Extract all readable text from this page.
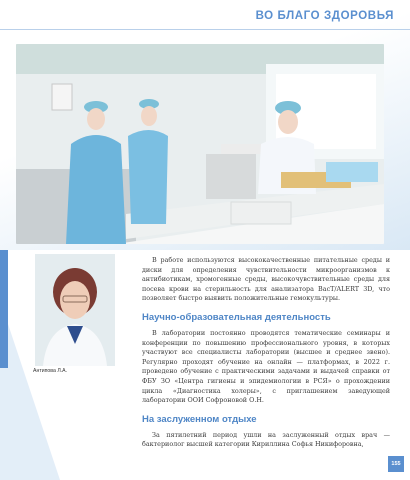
ВО БЛАГО ЗДОРОВЬЯ
Антипова Л.А.

В работе используются высококачественные питательные среды и диски для определения чувствительности микроорганизмов к антибиотикам, хромогенные среды, высокочувствительные среды для посева крови на стерильность для анализатора BacT/ALERT 3D, что позволяет быстро выявить положительные гемокультуры.

Научно-образовательная деятельность

В лаборатории постоянно проводятся тематические семинары и конференции по повышению профессионального уровня, в которых участвуют все специалисты лаборатории (высшее и среднее звено). Регулярно проходят обучение на онлайн — платформах, в 2022 г. проведено обучение с практическими задачами и выдачей справки от ФБУ ЗО «Центра гигиены и эпидемиологии в РСЯ» о прохождении цикла «Диагностика холеры», с приглашением заведующей лаборатории ООИ Софроновой О.Н.

На заслуженном отдыхе

За пятилетний период ушли на заслуженный отдых врач — бактериолог высшей категории Кириллина Софья Никифоровна,

155
